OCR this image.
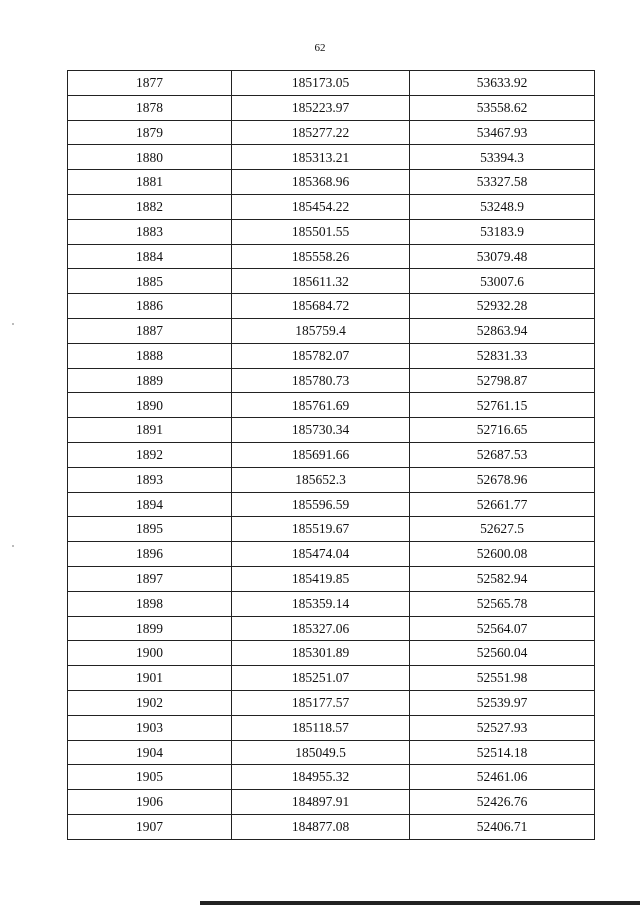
62
1877	185173.05	53633.92
1878	185223.97	53558.62
1879	185277.22	53467.93
1880	185313.21	53394.3
1881	185368.96	53327.58
1882	185454.22	53248.9
1883	185501.55	53183.9
1884	185558.26	53079.48
1885	185611.32	53007.6
1886	185684.72	52932.28
1887	185759.4	52863.94
1888	185782.07	52831.33
1889	185780.73	52798.87
1890	185761.69	52761.15
1891	185730.34	52716.65
1892	185691.66	52687.53
1893	185652.3	52678.96
1894	185596.59	52661.77
1895	185519.67	52627.5
1896	185474.04	52600.08
1897	185419.85	52582.94
1898	185359.14	52565.78
1899	185327.06	52564.07
1900	185301.89	52560.04
1901	185251.07	52551.98
1902	185177.57	52539.97
1903	185118.57	52527.93
1904	185049.5	52514.18
1905	184955.32	52461.06
1906	184897.91	52426.76
1907	184877.08	52406.71
